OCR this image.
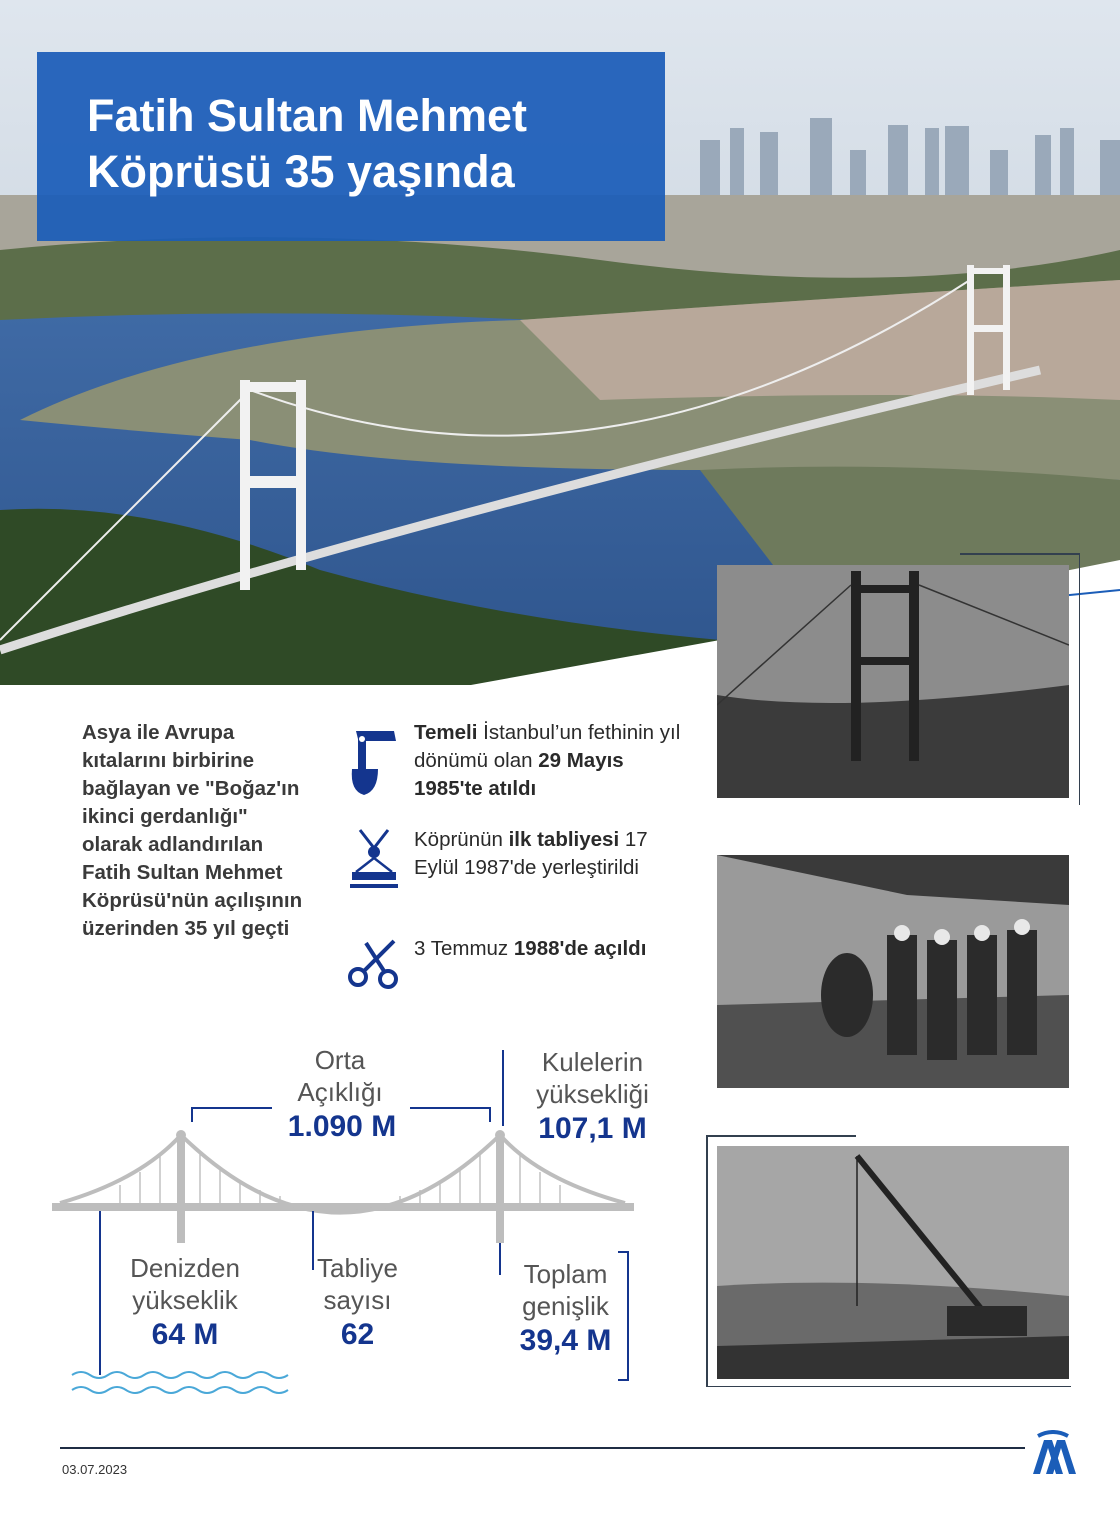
Fatih Sultan Mehmet
Köprüsü 35 yaşında
Asya ile Avrupa kıtalarını birbirine bağlayan ve "Boğaz'ın ikinci gerdanlığı" olarak adlandırılan Fatih Sultan Mehmet Köprüsü'nün açılışının üzerinden 35 yıl geçti
Temeli İstanbul’un fethinin yıl dönümü olan 29 Mayıs 1985'te atıldı
Köprünün ilk tabliyesi 17 Eylül 1987'de yerleştirildi
3 Temmuz 1988'de açıldı
Orta
Açıklığı
1.090 M
Kulelerin
yüksekliği
107,1 M
Denizden
yükseklik
64 M
Tabliye
sayısı
62
Toplam
genişlik
39,4 M
03.07.2023
